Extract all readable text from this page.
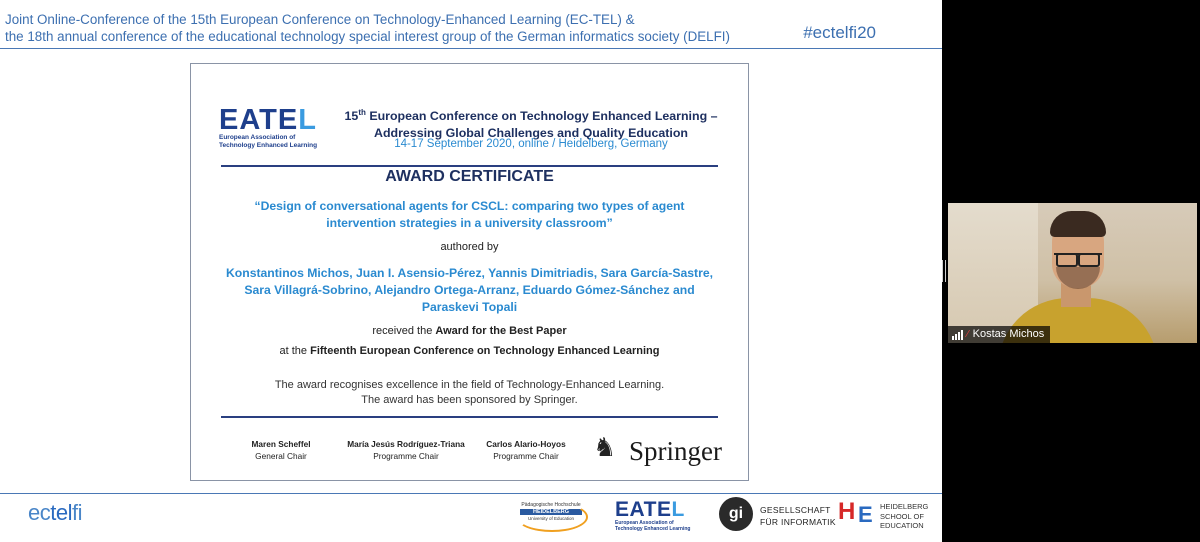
Joint Online-Conference of the 15th European Conference on Technology-Enhanced Learning (EC-TEL) &
the 18th annual conference of the educational technology special interest group of the German informatics society (DELFI)	#ectelfi20
EATEL
European Association of
Technology Enhanced Learning
15th European Conference on Technology Enhanced Learning –
Addressing Global Challenges and Quality Education
14-17 September 2020, online / Heidelberg, Germany
AWARD CERTIFICATE
“Design of conversational agents for CSCL: comparing two types of agent intervention strategies in a university classroom”
authored by
Konstantinos Michos, Juan I. Asensio-Pérez, Yannis Dimitriadis, Sara García-Sastre, Sara Villagrá-Sobrino, Alejandro Ortega-Arranz, Eduardo Gómez-Sánchez and Paraskevi Topali
received the Award for the Best Paper
at the Fifteenth European Conference on Technology Enhanced Learning
The award recognises excellence in the field of Technology-Enhanced Learning.
The award has been sponsored by Springer.
Maren Scheffel
General Chair
María Jesús Rodríguez-Triana
Programme Chair
Carlos Alario-Hoyos
Programme Chair	♞ Springer
ectelfi	Pädagogische Hochschule
HEIDELBERG
University of Education	EATEL
European Association of
Technology Enhanced Learning
gi	GESELLSCHAFT
FÜR INFORMATIK H E HEIDELBERG
SCHOOL OF
EDUCATION
⁄ Kostas Michos
